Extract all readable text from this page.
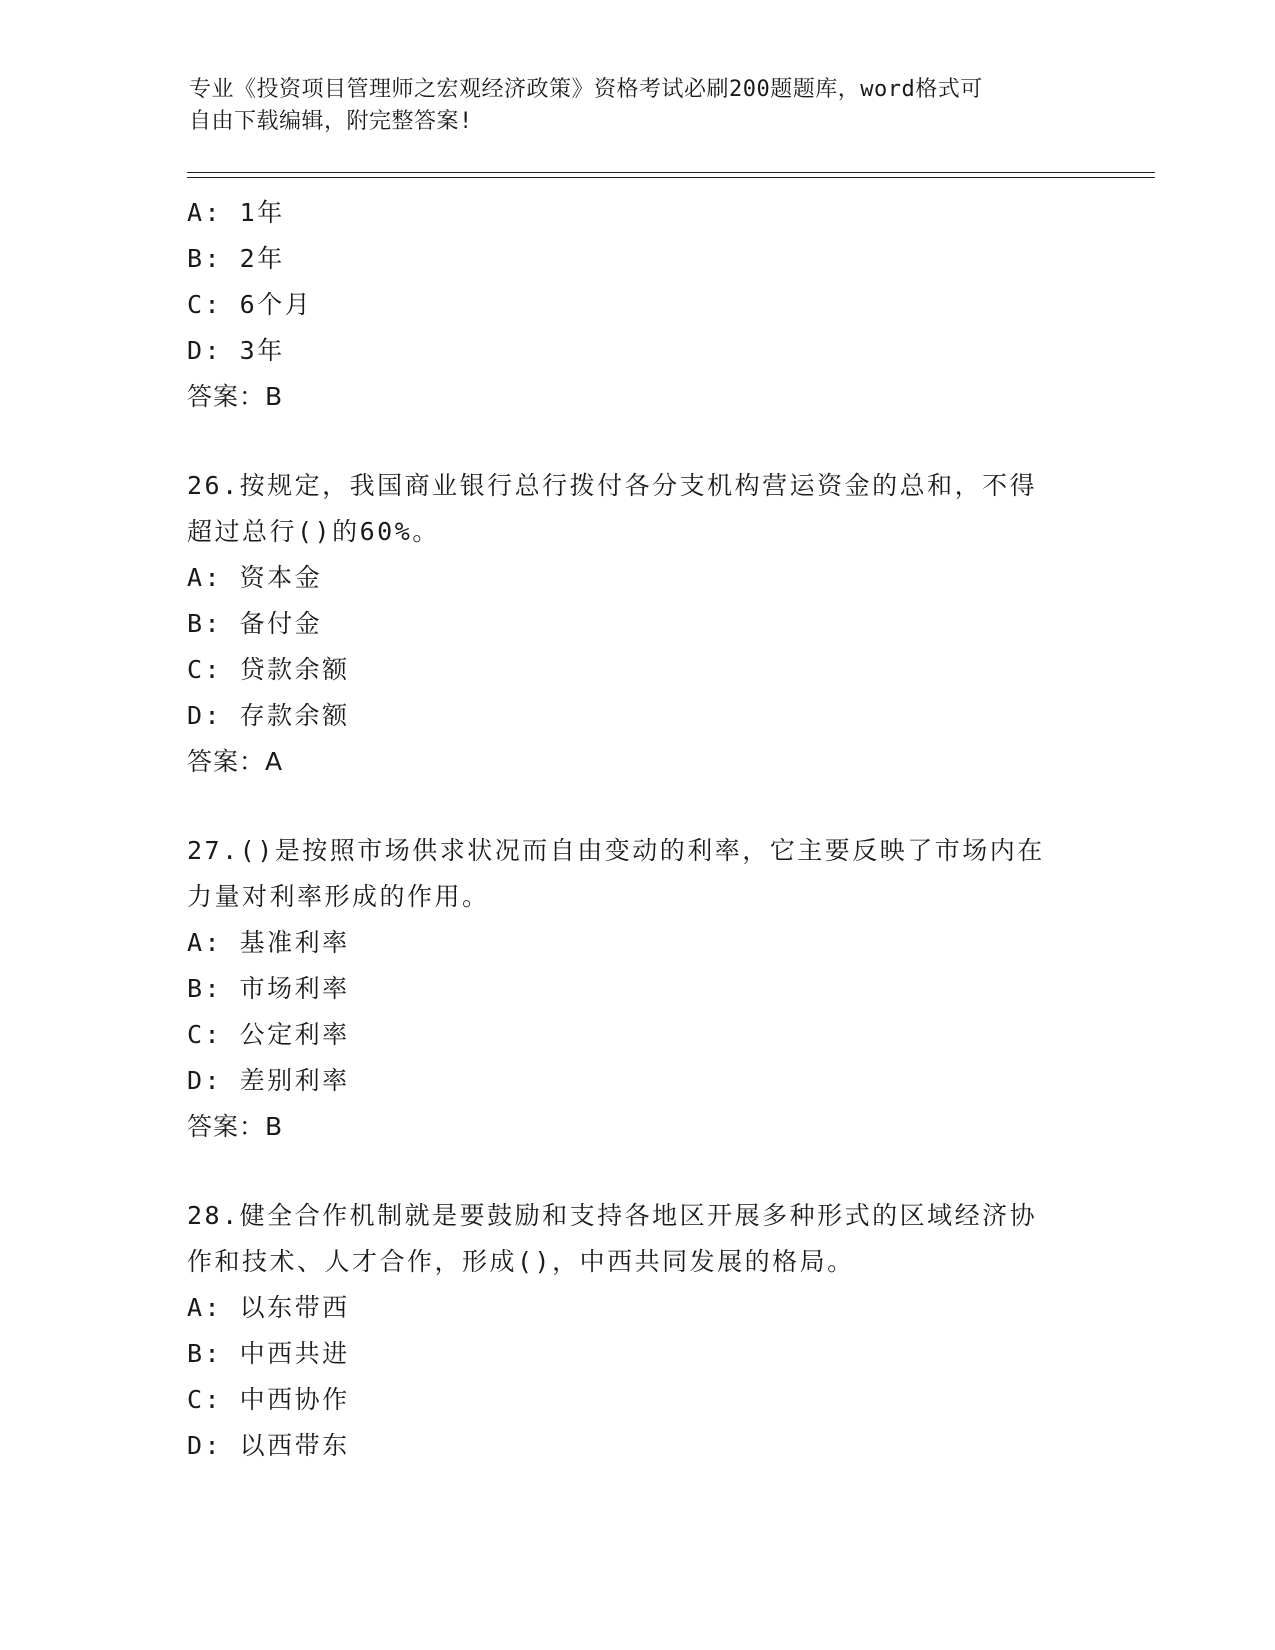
专业《投资项目管理师之宏观经济政策》资格考试必刷200题题库，word格式可
自由下载编辑，附完整答案!
A: 1年
B: 2年
C: 6个月
D: 3年
答案：B
26.按规定，我国商业银行总行拨付各分支机构营运资金的总和，不得
超过总行()的60%。
A: 资本金
B: 备付金
C: 贷款余额
D: 存款余额
答案：A
27.()是按照市场供求状况而自由变动的利率，它主要反映了市场内在
力量对利率形成的作用。
A: 基准利率
B: 市场利率
C: 公定利率
D: 差别利率
答案：B
28.健全合作机制就是要鼓励和支持各地区开展多种形式的区域经济协
作和技术、人才合作，形成()，中西共同发展的格局。
A: 以东带西
B: 中西共进
C: 中西协作
D: 以西带东
